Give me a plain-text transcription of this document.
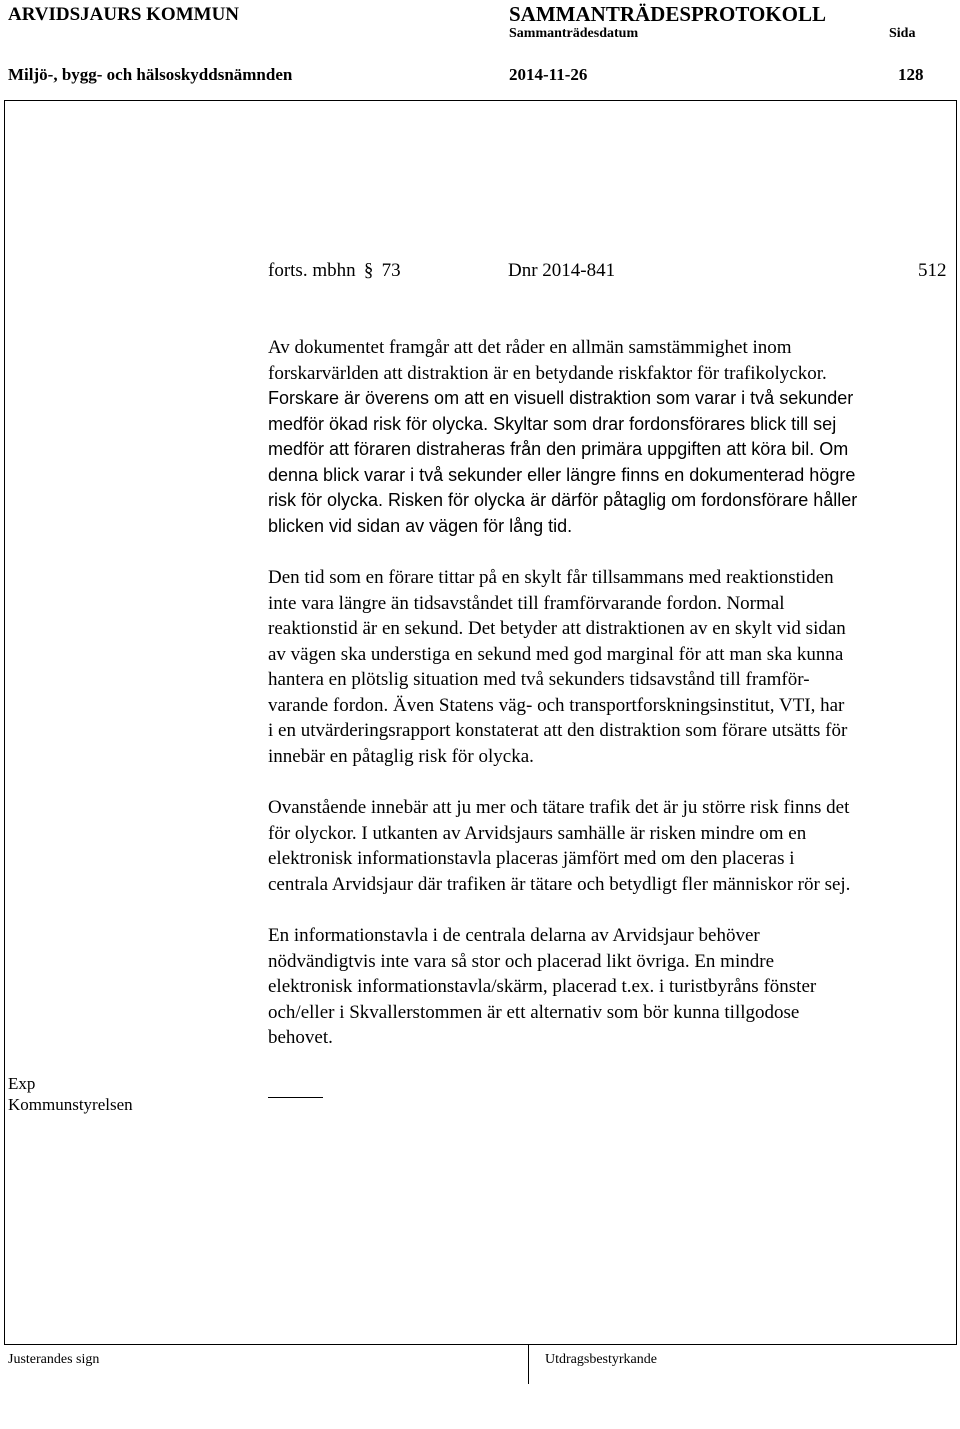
ARVIDSJAURS KOMMUN	SAMMANTRÄDESPROTOKOLL
Sammanträdesdatum	Sida
Miljö-, bygg- och hälsoskyddsnämnden	2014-11-26	128
forts. mbhn § 73	Dnr 2014-841	512
Av dokumentet framgår att det råder en allmän samstämmighet inom
forskarvärlden att distraktion är en betydande riskfaktor för trafikolyckor.
Forskare är överens om att en visuell distraktion som varar i två sekunder
medför ökad risk för olycka. Skyltar som drar fordonsförares blick till sej
medför att föraren distraheras från den primära uppgiften att köra bil. Om
denna blick varar i två sekunder eller längre finns en dokumenterad högre
risk för olycka. Risken för olycka är därför påtaglig om fordonsförare håller
blicken vid sidan av vägen för lång tid.
Den tid som en förare tittar på en skylt får tillsammans med reaktionstiden
inte vara längre än tidsavståndet till framförvarande fordon. Normal
reaktionstid är en sekund. Det betyder att distraktionen av en skylt vid sidan
av vägen ska understiga en sekund med god marginal för att man ska kunna
hantera en plötslig situation med två sekunders tidsavstånd till framför-
varande fordon. Även Statens väg- och transportforskningsinstitut, VTI, har
i en utvärderingsrapport konstaterat att den distraktion som förare utsätts för
innebär en påtaglig risk för olycka.
Ovanstående innebär att ju mer och tätare trafik det är ju större risk finns det
för olyckor. I utkanten av Arvidsjaurs samhälle är risken mindre om en
elektronisk informationstavla placeras jämfört med om den placeras i
centrala Arvidsjaur där trafiken är tätare och betydligt fler människor rör sej.
En informationstavla i de centrala delarna av Arvidsjaur behöver
nödvändigtvis inte vara så stor och placerad likt övriga. En mindre
elektronisk informationstavla/skärm, placerad t.ex. i turistbyråns fönster
och/eller i Skvallerstommen är ett alternativ som bör kunna tillgodose
behovet.
Exp
Kommunstyrelsen
Justerandes sign	Utdragsbestyrkande
